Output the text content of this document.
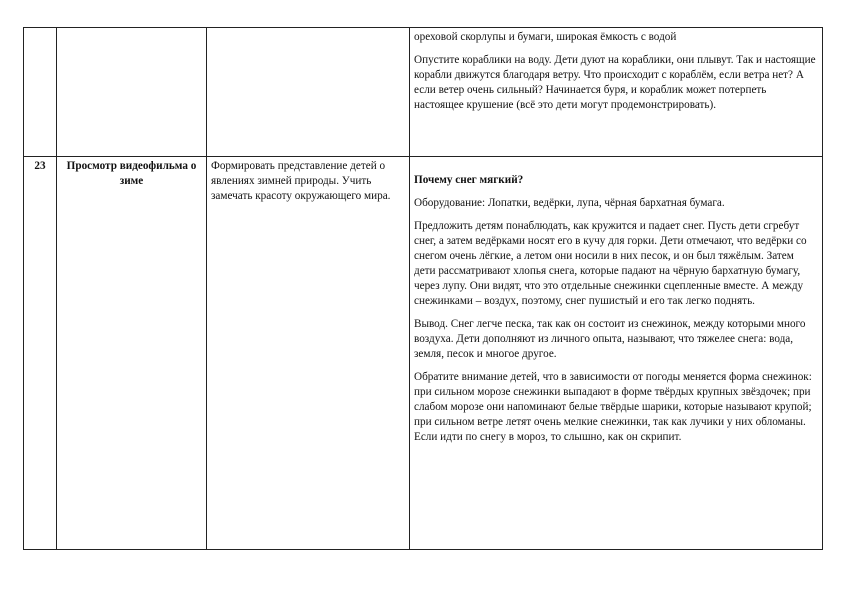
			ореховой скорлупы и бумаги, широкая ёмкость с водой

Опустите кораблики на воду. Дети дуют на кораблики, они плывут. Так и настоящие корабли движутся благодаря ветру. Что происходит с кораблём, если ветра нет? А если ветер очень сильный? Начинается буря, и кораблик может потерпеть настоящее крушение (всё это дети могут продемонстрировать).

23	Просмотр видеофильма о зиме	Формировать представление детей о явлениях зимней природы. Учить замечать красоту окружающего мира.	Почему снег мягкий?

Оборудование: Лопатки, ведёрки, лупа, чёрная бархатная бумага.

Предложить детям понаблюдать, как кружится и падает снег. Пусть дети сгребут снег, а затем ведёрками носят его в кучу для горки. Дети отмечают, что ведёрки со снегом очень лёгкие, а летом они носили в них песок, и он был тяжёлым. Затем дети рассматривают хлопья снега, которые падают на чёрную бархатную бумагу, через лупу. Они видят, что это отдельные снежинки сцепленные вместе. А между снежинками – воздух, поэтому, снег пушистый и его так легко поднять.

Вывод. Снег легче песка, так как он состоит из снежинок, между которыми много воздуха. Дети дополняют из личного опыта, называют, что тяжелее снега: вода, земля, песок и многое другое.

Обратите внимание детей, что в зависимости от погоды меняется форма снежинок: при сильном морозе снежинки выпадают в форме твёрдых крупных звёздочек; при слабом морозе они напоминают белые твёрдые шарики, которые называют крупой; при сильном ветре летят очень мелкие снежинки, так как лучики у них обломаны. Если идти по снегу в мороз, то слышно, как он скрипит.
